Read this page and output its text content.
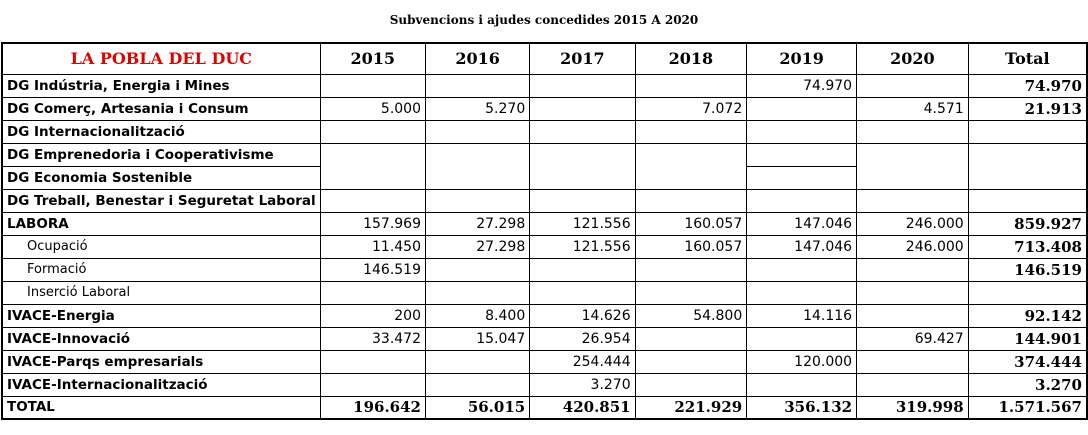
Subvencions i ajudes concedides 2015 A 2020
LA POBLA DEL DUC	2015	2016	2017	2018	2019	2020	Total
DG Indústria, Energia i Mines					74.970		74.970
DG Comerç, Artesania i Consum	5.000	5.270		7.072		4.571	21.913
DG Internacionalització							
DG Emprenedoria i Cooperativisme							
DG Economia Sostenible							
DG Treball, Benestar i Seguretat Laboral							
LABORA	157.969	27.298	121.556	160.057	147.046	246.000	859.927
Ocupació	11.450	27.298	121.556	160.057	147.046	246.000	713.408
Formació	146.519						146.519
Inserció Laboral							
IVACE-Energia	200	8.400	14.626	54.800	14.116		92.142
IVACE-Innovació	33.472	15.047	26.954			69.427	144.901
IVACE-Parqs empresarials			254.444		120.000		374.444
IVACE-Internacionalització			3.270				3.270
TOTAL	196.642	56.015	420.851	221.929	356.132	319.998	1.571.567
